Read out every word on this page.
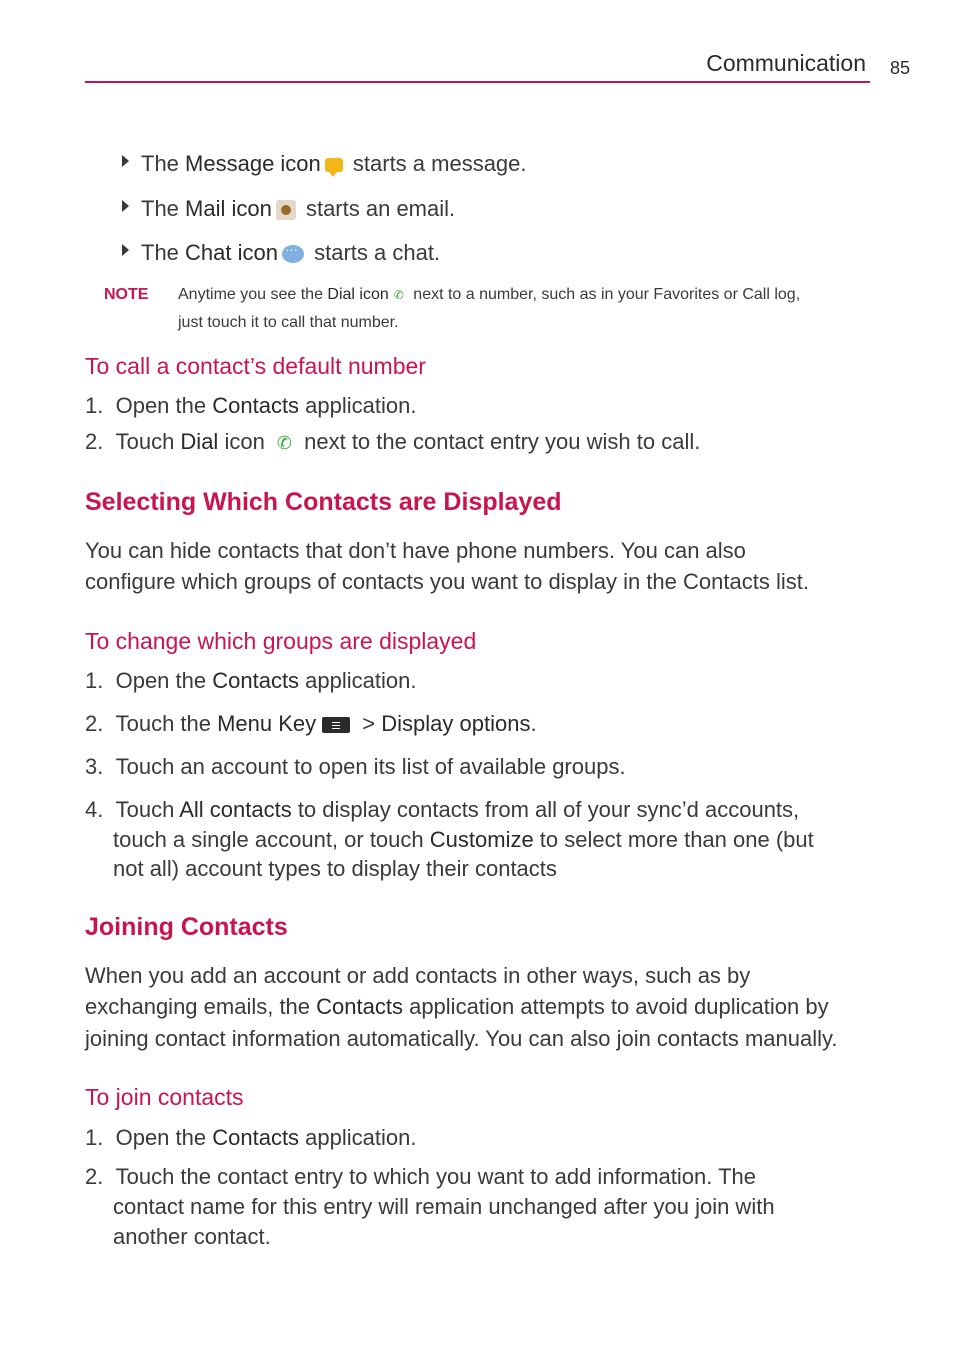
Communication 85
The Message icon starts a message.
The Mail icon starts an email.
The Chat icon··· starts a chat.
NOTE Anytime you see the Dial icon ✆ next to a number, such as in your Favorites or Call log,
just touch it to call that number.
To call a contact’s default number
1. Open the Contacts application.
2. Touch Dial icon ✆ next to the contact entry you wish to call.
Selecting Which Contacts are Displayed
You can hide contacts that don’t have phone numbers. You can also
configure which groups of contacts you want to display in the Contacts list.
To change which groups are displayed
1. Open the Contacts application.
2. Touch the Menu Key > Display options.
3. Touch an account to open its list of available groups.
4. Touch All contacts to display contacts from all of your sync’d accounts,
touch a single account, or touch Customize to select more than one (but
not all) account types to display their contacts
Joining Contacts
When you add an account or add contacts in other ways, such as by
exchanging emails, the Contacts application attempts to avoid duplication by
joining contact information automatically. You can also join contacts manually.
To join contacts
1. Open the Contacts application.
2. Touch the contact entry to which you want to add information. The
contact name for this entry will remain unchanged after you join with
another contact.
